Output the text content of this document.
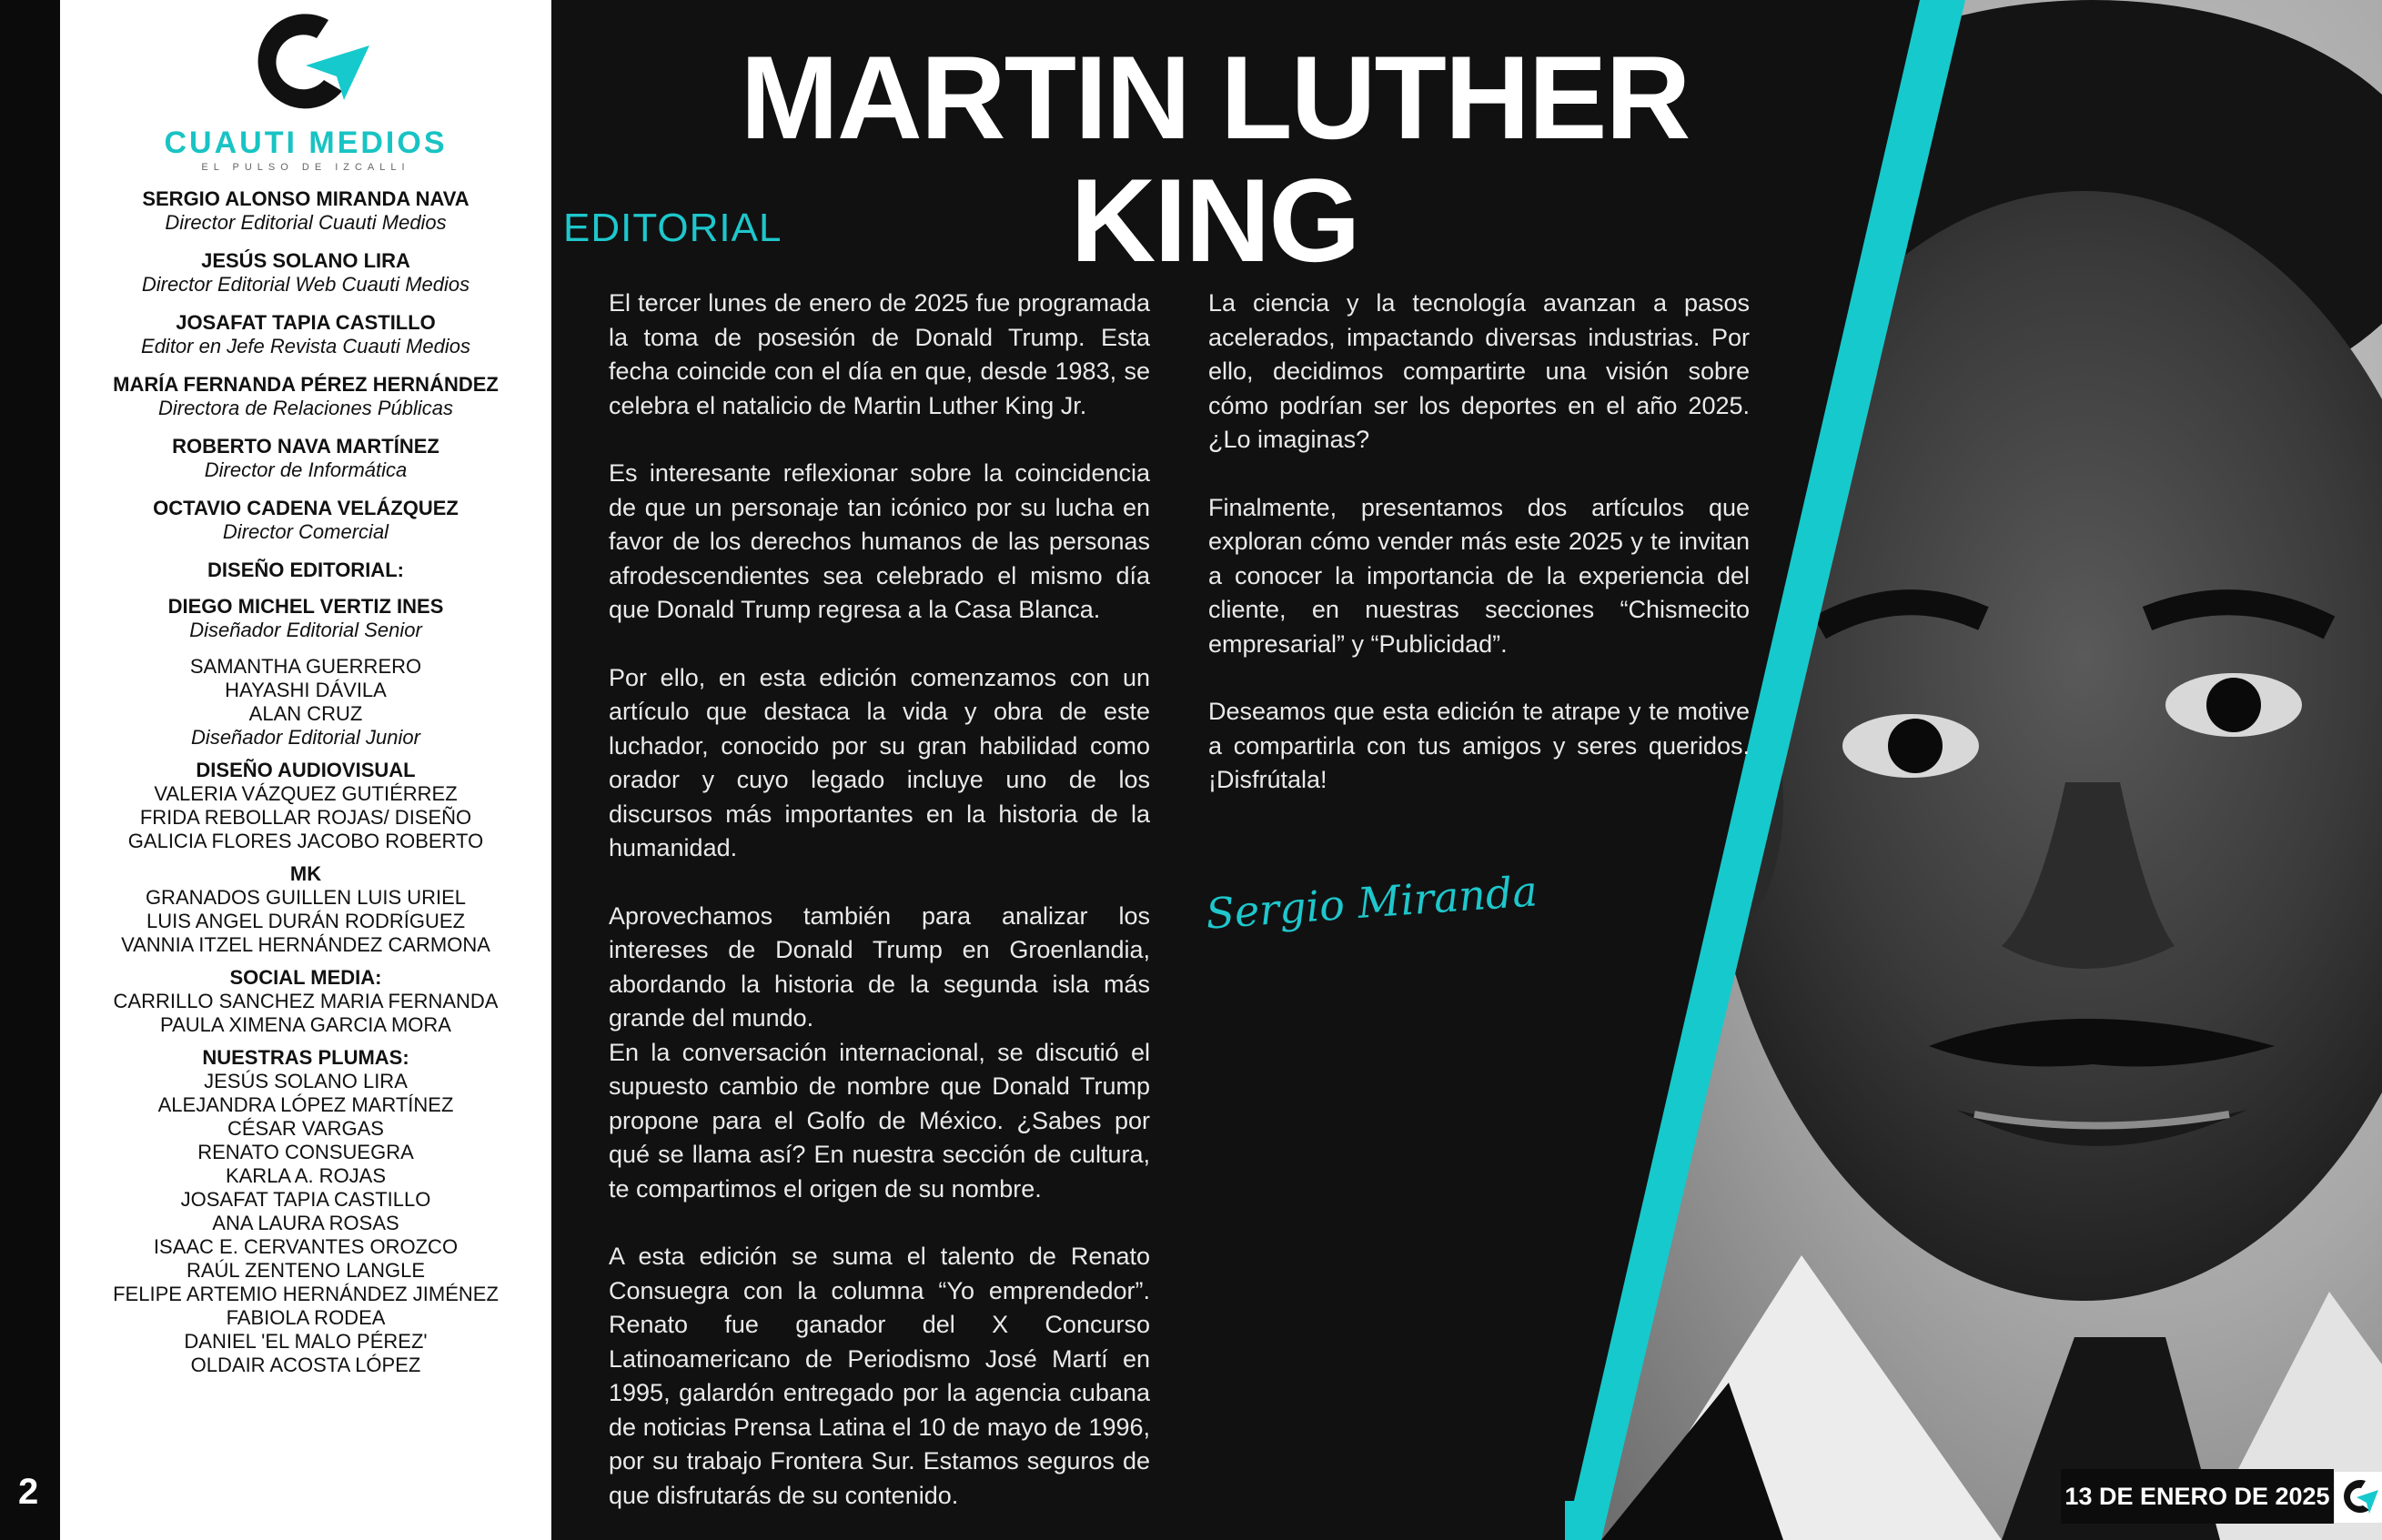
2
CUAUTI MEDIOS
EL PULSO DE IZCALLI
SERGIO ALONSO MIRANDA NAVA
Director Editorial Cuauti Medios
JESÚS SOLANO LIRA
Director Editorial Web Cuauti Medios
JOSAFAT TAPIA CASTILLO
Editor en Jefe Revista Cuauti Medios
MARÍA FERNANDA PÉREZ HERNÁNDEZ
Directora de Relaciones Públicas
ROBERTO NAVA MARTÍNEZ
Director de Informática
OCTAVIO CADENA VELÁZQUEZ
Director Comercial
DISEÑO EDITORIAL:
DIEGO MICHEL VERTIZ INES
Diseñador Editorial Senior
SAMANTHA GUERRERO
HAYASHI DÁVILA
ALAN CRUZ
Diseñador Editorial Junior
DISEÑO AUDIOVISUAL
VALERIA VÁZQUEZ GUTIÉRREZ
FRIDA REBOLLAR ROJAS/ DISEÑO
GALICIA FLORES JACOBO ROBERTO
MK
GRANADOS GUILLEN LUIS URIEL
LUIS ANGEL DURÁN RODRÍGUEZ
VANNIA ITZEL HERNÁNDEZ CARMONA
SOCIAL MEDIA:
CARRILLO SANCHEZ MARIA FERNANDA
PAULA XIMENA GARCIA MORA
NUESTRAS PLUMAS:
JESÚS SOLANO LIRA
ALEJANDRA LÓPEZ MARTÍNEZ
CÉSAR VARGAS
RENATO CONSUEGRA
KARLA A. ROJAS
JOSAFAT TAPIA CASTILLO
ANA LAURA ROSAS
ISAAC E. CERVANTES OROZCO
RAÚL ZENTENO LANGLE
FELIPE ARTEMIO HERNÁNDEZ JIMÉNEZ
FABIOLA RODEA
DANIEL 'EL MALO PÉREZ'
OLDAIR ACOSTA LÓPEZ
MARTIN LUTHER
KING
EDITORIAL

El tercer lunes de enero de 2025 fue programada la toma de posesión de Donald Trump. Esta fecha coincide con el día en que, desde 1983, se celebra el natalicio de Martin Luther King Jr.

Es interesante reflexionar sobre la coincidencia de que un personaje tan icónico por su lucha en favor de los derechos humanos de las personas afrodescendientes sea celebrado el mismo día que Donald Trump regresa a la Casa Blanca.

Por ello, en esta edición comenzamos con un artículo que destaca la vida y obra de este luchador, conocido por su gran habilidad como orador y cuyo legado incluye uno de los discursos más importantes en la historia de la humanidad.

Aprovechamos también para analizar los intereses de Donald Trump en Groenlandia, abordando la historia de la segunda isla más grande del mundo.

En la conversación internacional, se discutió el supuesto cambio de nombre que Donald Trump propone para el Golfo de México. ¿Sabes por qué se llama así? En nuestra sección de cultura, te compartimos el origen de su nombre.

A esta edición se suma el talento de Renato Consuegra con la columna “Yo emprendedor”. Renato fue ganador del X Concurso Latinoamericano de Periodismo José Martí en 1995, galardón entregado por la agencia cubana de noticias Prensa Latina el 10 de mayo de 1996, por su trabajo Frontera Sur. Estamos seguros de que disfrutarás de su contenido.

La ciencia y la tecnología avanzan a pasos acelerados, impactando diversas industrias. Por ello, decidimos compartirte una visión sobre cómo podrían ser los deportes en el año 2025. ¿Lo imaginas?

Finalmente, presentamos dos artículos que exploran cómo vender más este 2025 y te invitan a conocer la importancia de la experiencia del cliente, en nuestras secciones “Chismecito empresarial” y “Publicidad”.

Deseamos que esta edición te atrape y te motive a compartirla con tus amigos y seres queridos. ¡Disfrútala!

Sergio Miranda
13 DE ENERO DE 2025
